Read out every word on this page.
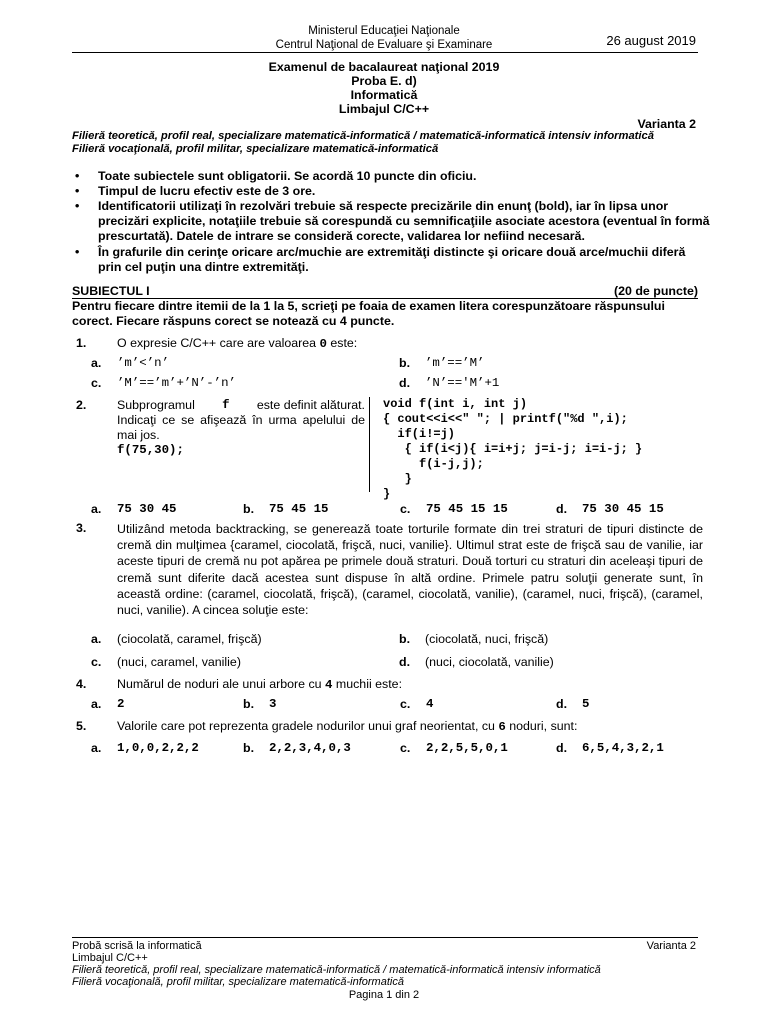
Ministerul Educaţiei Naţionale
Centrul Naţional de Evaluare şi Examinare	26 august 2019
Examenul de bacalaureat naţional 2019
Proba E. d)
Informatică
Limbajul C/C++
Varianta 2
Filieră teoretică, profil real, specializare matematică-informatică / matematică-informatică intensiv informatică
Filieră vocaţională, profil militar, specializare matematică-informatică
• Toate subiectele sunt obligatorii. Se acordă 10 puncte din oficiu.
• Timpul de lucru efectiv este de 3 ore.
• Identificatorii utilizaţi în rezolvări trebuie să respecte precizările din enunţ (bold), iar în lipsa unor precizări explicite, notaţiile trebuie să corespundă cu semnificaţiile asociate acestora (eventual în formă prescurtată). Datele de intrare se consideră corecte, validarea lor nefiind necesară.
• În grafurile din cerinţe oricare arc/muchie are extremităţi distincte şi oricare două arce/muchii diferă prin cel puţin una dintre extremităţi.
SUBIECTUL I	(20 de puncte)
Pentru fiecare dintre itemii de la 1 la 5, scrieţi pe foaia de examen litera corespunzătoare răspunsului corect. Fiecare răspuns corect se notează cu 4 puncte.
1. O expresie C/C++ care are valoarea 0 este:
a. ’m’<’n’	b. ’m’==’M’
c. ’M’==’m’+’N’-’n’	d. ’N’=='M’+1
2. Subprogramul f este definit alăturat.
Indicaţi ce se afişează în urma apelului de mai jos.
f(75,30);
void f(int i, int j)
{ cout<<i<<" "; | printf("%d ",i);
if(i!=j)
{ if(i<j){ i=i+j; j=i-j; i=i-j; }
f(i-j,j);
}
}
a. 75 30 45	b. 75 45 15	c. 75 45 15 15	d. 75 30 45 15
3. Utilizând metoda backtracking, se generează toate torturile formate din trei straturi de tipuri distincte de cremă din mulţimea {caramel, ciocolată, frişcă, nuci, vanilie}. Ultimul strat este de frişcă sau de vanilie, iar aceste tipuri de cremă nu pot apărea pe primele două straturi. Două torturi cu straturi din aceleaşi tipuri de cremă sunt diferite dacă acestea sunt dispuse în altă ordine. Primele patru soluţii generate sunt, în această ordine: (caramel, ciocolată, frişcă), (caramel, ciocolată, vanilie), (caramel, nuci, frişcă), (caramel, nuci, vanilie). A cincea soluţie este:
a. (ciocolată, caramel, frişcă)	b. (ciocolată, nuci, frişcă)
c. (nuci, caramel, vanilie)	d. (nuci, ciocolată, vanilie)
4. Numărul de noduri ale unui arbore cu 4 muchii este:
a. 2	b. 3	c. 4	d. 5
5. Valorile care pot reprezenta gradele nodurilor unui graf neorientat, cu 6 noduri, sunt:
a. 1,0,0,2,2,2	b. 2,2,3,4,0,3	c. 2,2,5,5,0,1	d. 6,5,4,3,2,1
Probă scrisă la informatică	Varianta 2
Limbajul C/C++
Filieră teoretică, profil real, specializare matematică-informatică / matematică-informatică intensiv informatică
Filieră vocaţională, profil militar, specializare matematică-informatică
Pagina 1 din 2
